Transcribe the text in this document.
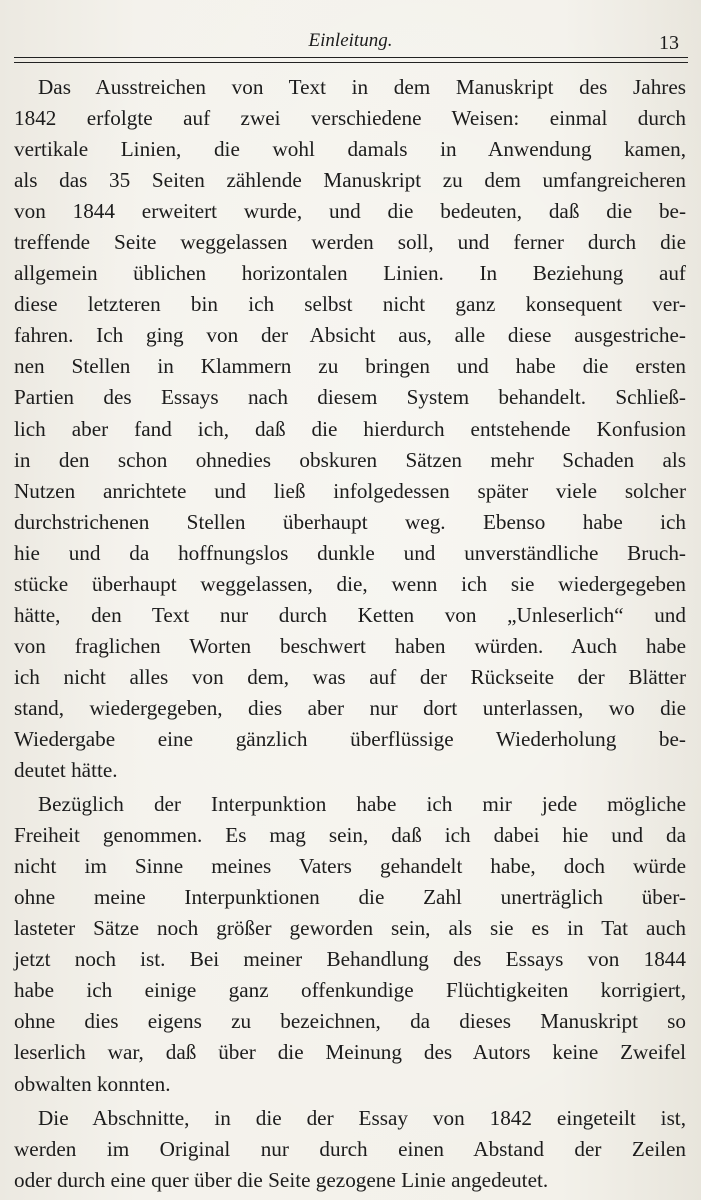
Einleitung.	13
Das Ausstreichen von Text in dem Manuskript des Jahres
1842 erfolgte auf zwei verschiedene Weisen: einmal durch
vertikale Linien, die wohl damals in Anwendung kamen,
als das 35 Seiten zählende Manuskript zu dem umfangreicheren
von 1844 erweitert wurde, und die bedeuten, daß die be-
treffende Seite weggelassen werden soll, und ferner durch die
allgemein üblichen horizontalen Linien. In Beziehung auf
diese letzteren bin ich selbst nicht ganz konsequent ver-
fahren. Ich ging von der Absicht aus, alle diese ausgestriche-
nen Stellen in Klammern zu bringen und habe die ersten
Partien des Essays nach diesem System behandelt. Schließ-
lich aber fand ich, daß die hierdurch entstehende Konfusion
in den schon ohnedies obskuren Sätzen mehr Schaden als
Nutzen anrichtete und ließ infolgedessen später viele solcher
durchstrichenen Stellen überhaupt weg. Ebenso habe ich
hie und da hoffnungslos dunkle und unverständliche Bruch-
stücke überhaupt weggelassen, die, wenn ich sie wiedergegeben
hätte, den Text nur durch Ketten von „Unleserlich“ und
von fraglichen Worten beschwert haben würden. Auch habe
ich nicht alles von dem, was auf der Rückseite der Blätter
stand, wiedergegeben, dies aber nur dort unterlassen, wo die
Wiedergabe eine gänzlich überflüssige Wiederholung be-
deutet hätte.
Bezüglich der Interpunktion habe ich mir jede mögliche
Freiheit genommen. Es mag sein, daß ich dabei hie und da
nicht im Sinne meines Vaters gehandelt habe, doch würde
ohne meine Interpunktionen die Zahl unerträglich über-
lasteter Sätze noch größer geworden sein, als sie es in Tat auch
jetzt noch ist. Bei meiner Behandlung des Essays von 1844
habe ich einige ganz offenkundige Flüchtigkeiten korrigiert,
ohne dies eigens zu bezeichnen, da dieses Manuskript so
leserlich war, daß über die Meinung des Autors keine Zweifel
obwalten konnten.
Die Abschnitte, in die der Essay von 1842 eingeteilt ist,
werden im Original nur durch einen Abstand der Zeilen
oder durch eine quer über die Seite gezogene Linie angedeutet.
